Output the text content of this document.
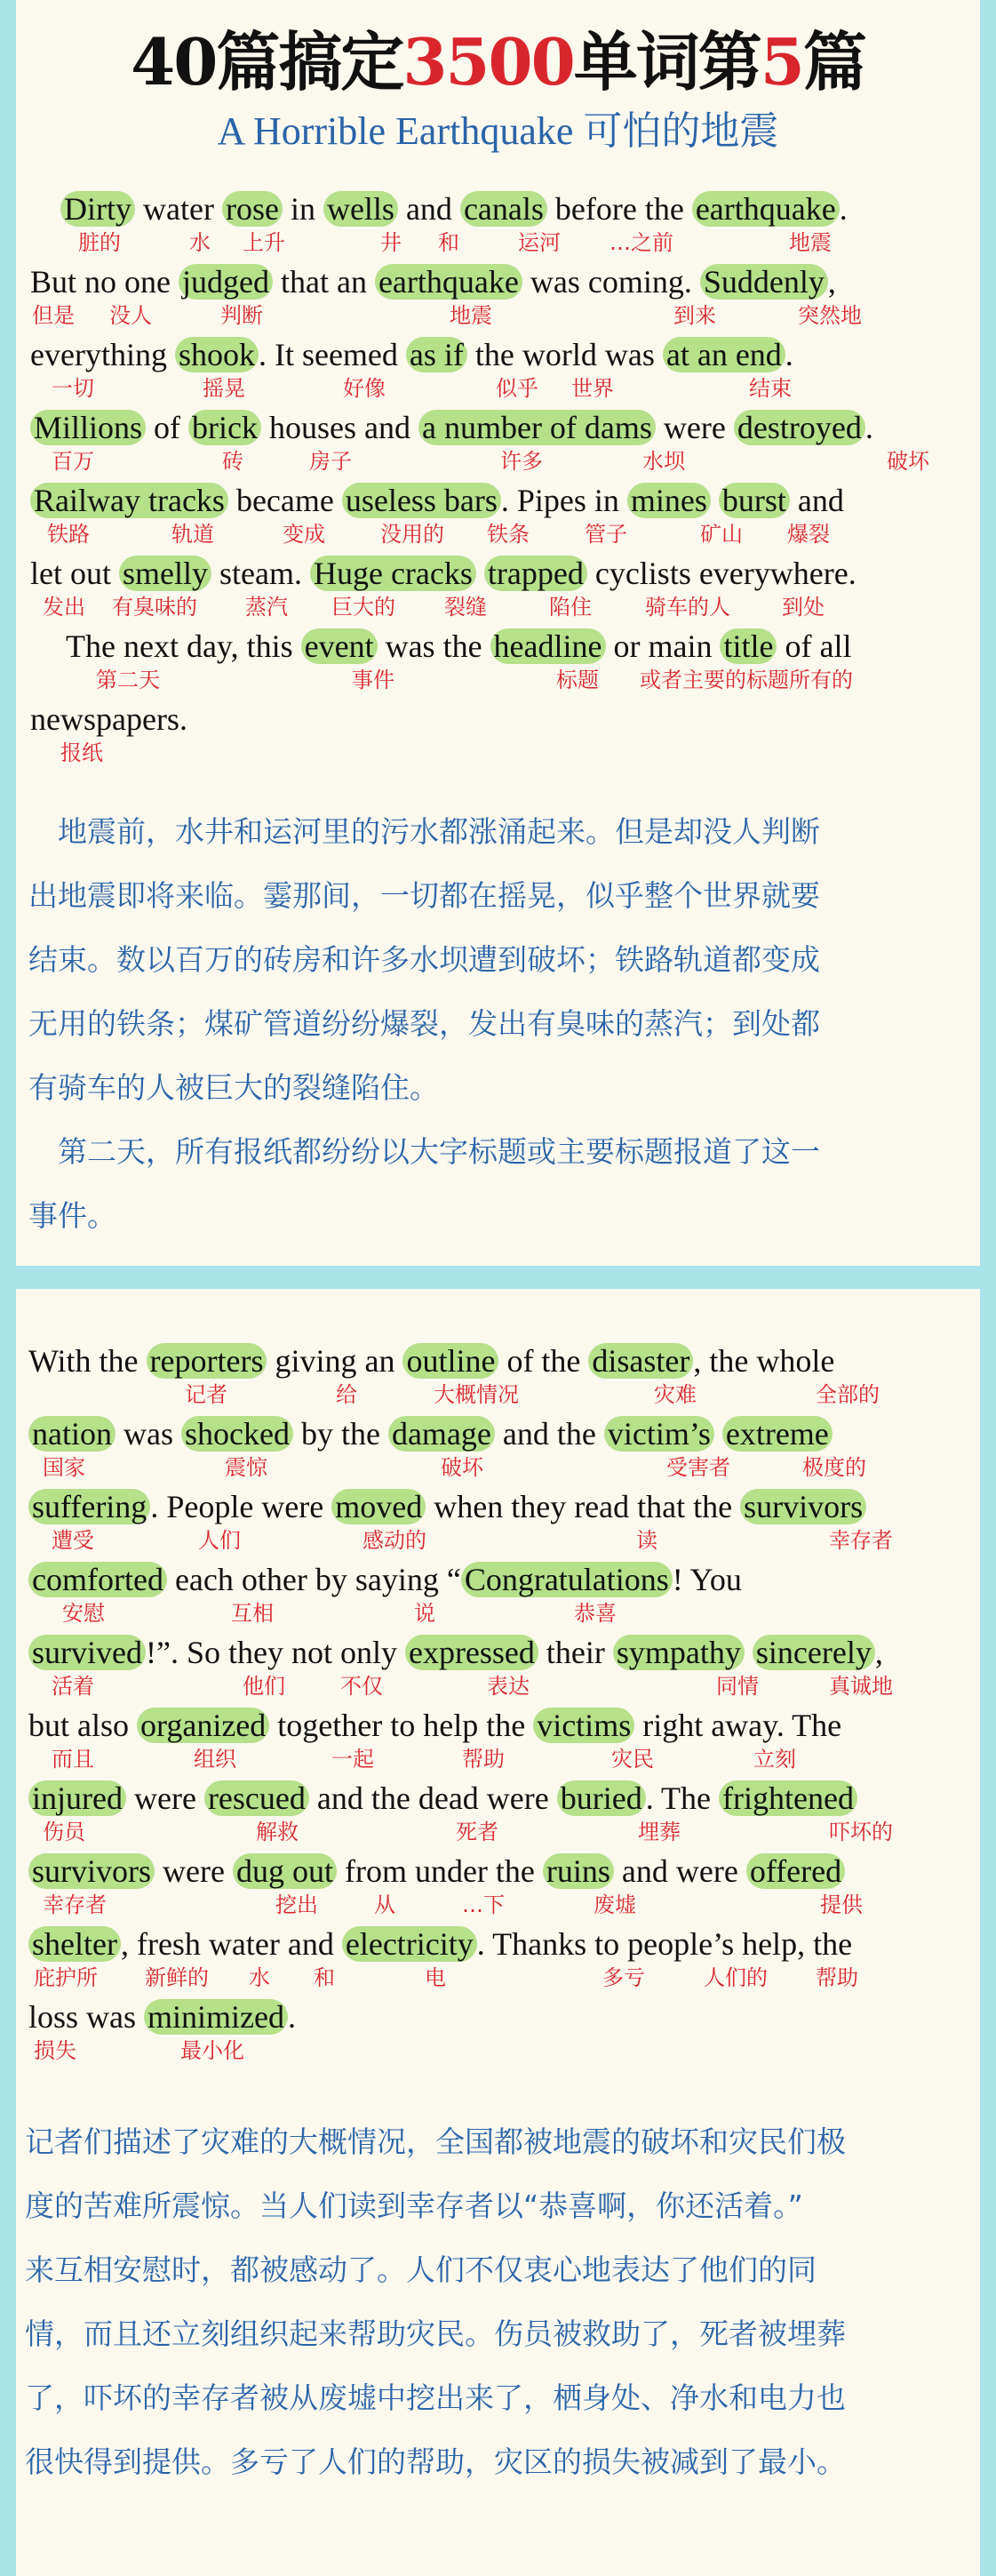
40篇搞定3500单词第5篇
A Horrible Earthquake 可怕的地震
Dirty water rose in wells and canals before the earthquake .
脏的	水 上升	井 和	运河 …之前	地震
But no one judged that an earthquake was coming. Suddenly ,
但是 没人	判断	地震	到来	突然地
everything shook . It seemed as if the world was at an end .
一切	摇晃	好像	似乎 世界	结束
Millions of brick houses and a number of dams were destroyed .
百万	砖	房子	许多	水坝	破坏
Railway tracks became useless bars . Pipes in mines burst and
铁路	轨道	变成	没用的 铁条	管子	矿山 爆裂
let out smelly steam. Huge cracks trapped cyclists everywhere.
发出 有臭味的 蒸汽 巨大的 裂缝	陷住	骑车的人 到处
The next day, this event was the headline or main title of all
第二天	事件	标题 或者主要的标题所有的
newspapers.
报纸
　地震前，水井和运河里的污水都涨涌起来。但是却没人判断
出地震即将来临。霎那间，一切都在摇晃，似乎整个世界就要
结束。数以百万的砖房和许多水坝遭到破坏；铁路轨道都变成
无用的铁条；煤矿管道纷纷爆裂，发出有臭味的蒸汽；到处都
有骑车的人被巨大的裂缝陷住。
　第二天，所有报纸都纷纷以大字标题或主要标题报道了这一
事件。
With the reporters giving an outline of the disaster , the whole
记者	给	大概情况	灾难	全部的
nation was shocked by the damage and the victim’s extreme
国家	震惊	破坏	受害者	极度的
suffering . People were moved when they read that the survivors
遭受	人们	感动的	读	幸存者
comforted each other by saying “ Congratulations ! You
安慰	互相	说	恭喜
survived !”. So they not only expressed their sympathy sincerely ,
活着	他们	不仅	表达	同情	真诚地
but also organized together to help the victims right away. The
而且	组织	一起	帮助	灾民	立刻
injured were rescued and the dead were buried . The frightened
伤员	解救	死者	埋葬	吓坏的
survivors were dug out from under the ruins and were offered
幸存者	挖出	从	…下	废墟	提供
shelter , fresh water and electricity . Thanks to people’s help, the
庇护所 新鲜的 水 和	电	多亏	人们的 帮助
loss was minimized .
损失	最小化
记者们描述了灾难的大概情况，全国都被地震的破坏和灾民们极
度的苦难所震惊。当人们读到幸存者以“恭喜啊，你还活着。”
来互相安慰时，都被感动了。人们不仅衷心地表达了他们的同
情，而且还立刻组织起来帮助灾民。伤员被救助了，死者被埋葬
了，吓坏的幸存者被从废墟中挖出来了，栖身处、净水和电力也
很快得到提供。多亏了人们的帮助，灾区的损失被减到了最小。
